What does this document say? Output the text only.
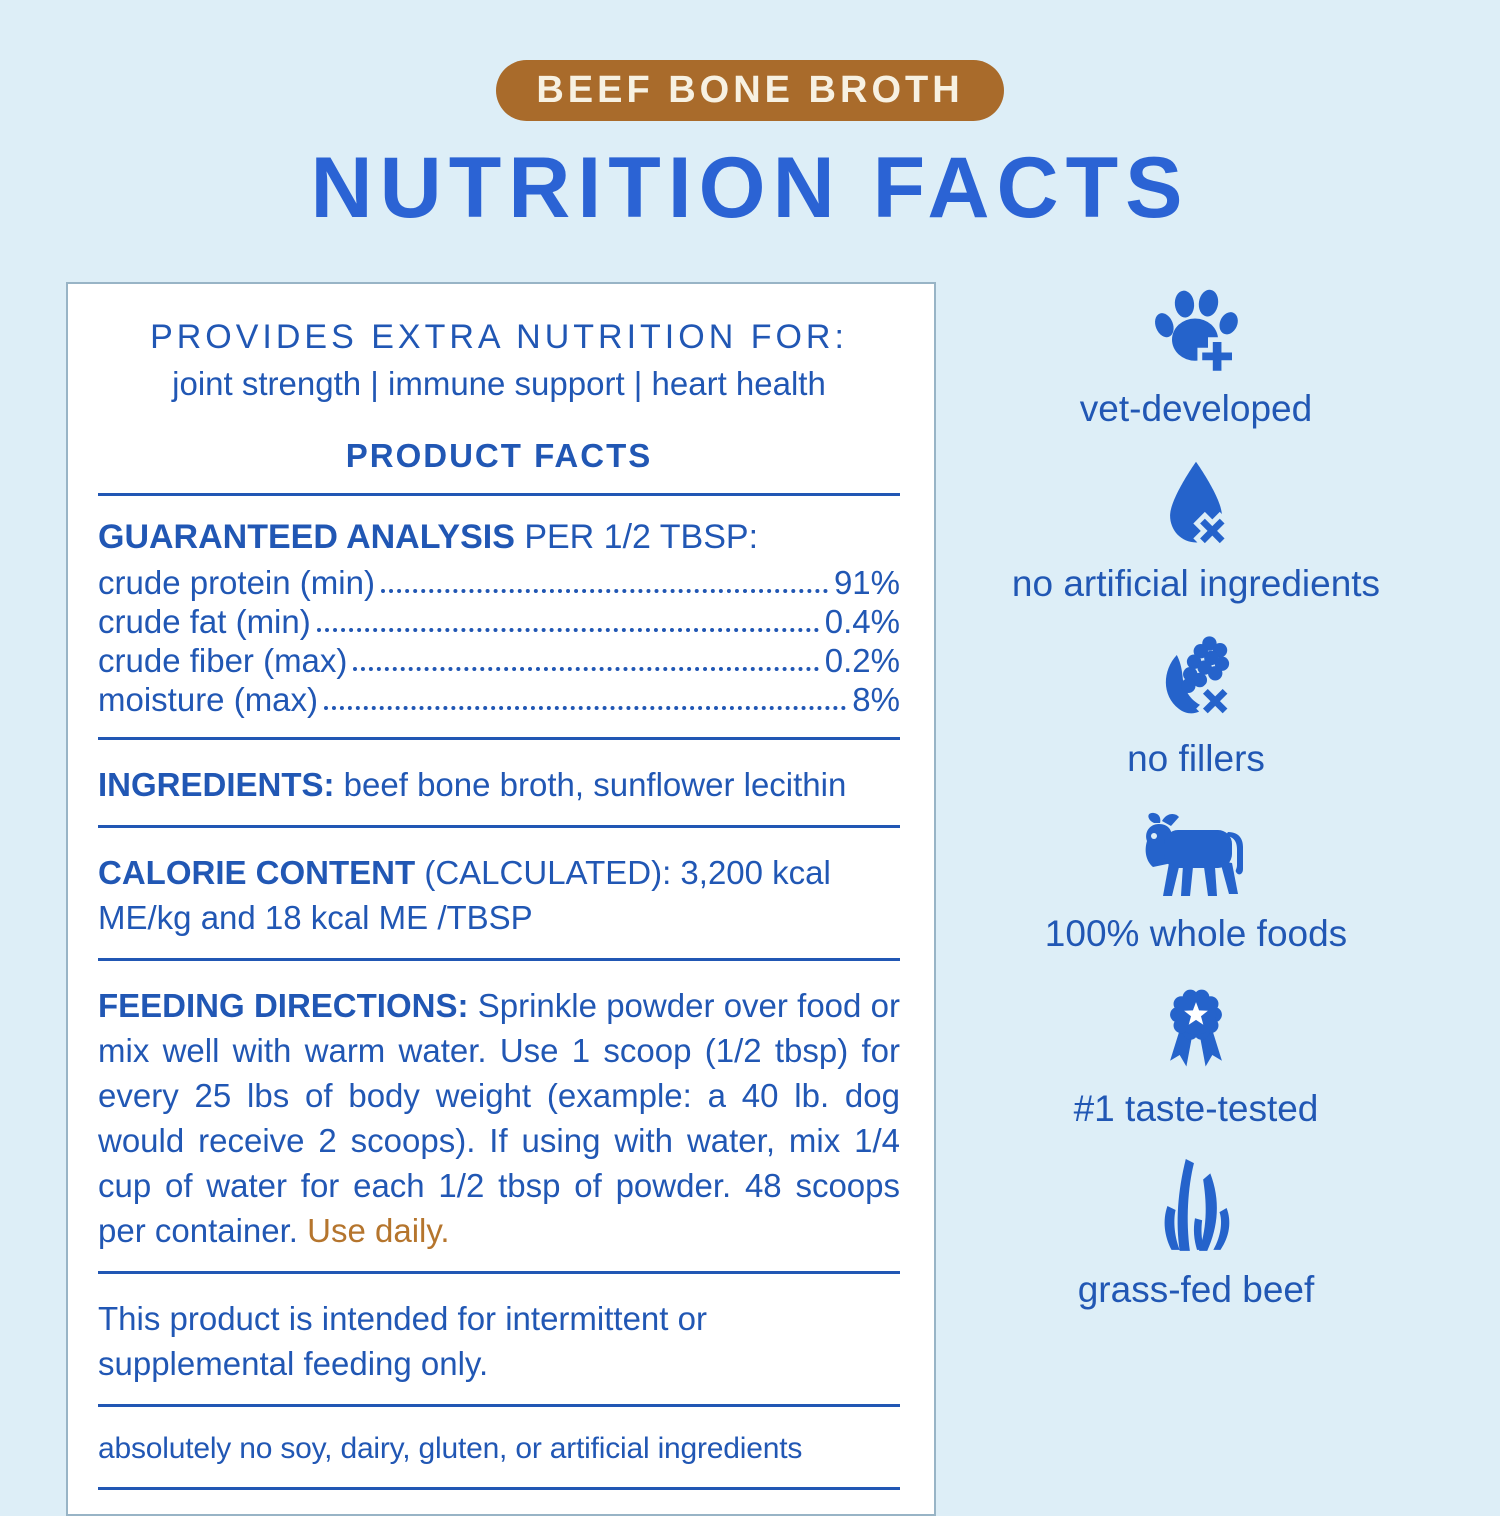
BEEF BONE BROTH
NUTRITION FACTS

PROVIDES EXTRA NUTRITION FOR:

joint strength | immune support | heart health

PRODUCT FACTS

GUARANTEED ANALYSIS PER 1/2 TBSP:

crude protein (min)	91%
crude fat (min)	0.4%
crude fiber (max)	0.2%
moisture (max)	8%

INGREDIENTS: beef bone broth, sunflower lecithin

CALORIE CONTENT (CALCULATED): 3,200 kcal ME/kg and 18 kcal ME /TBSP

FEEDING DIRECTIONS: Sprinkle powder over food or mix well with warm water. Use 1 scoop (1/2 tbsp) for every 25 lbs of body weight (example: a 40 lb. dog would receive 2 scoops). If using with water, mix 1/4 cup of water for each 1/2 tbsp of powder. 48 scoops per container. Use daily.

This product is intended for intermittent or supplemental feeding only.

absolutely no soy, dairy, gluten, or artificial ingredients

vet-developed
no artificial ingredients
no fillers
100% whole foods
#1 taste-tested
grass-fed beef
